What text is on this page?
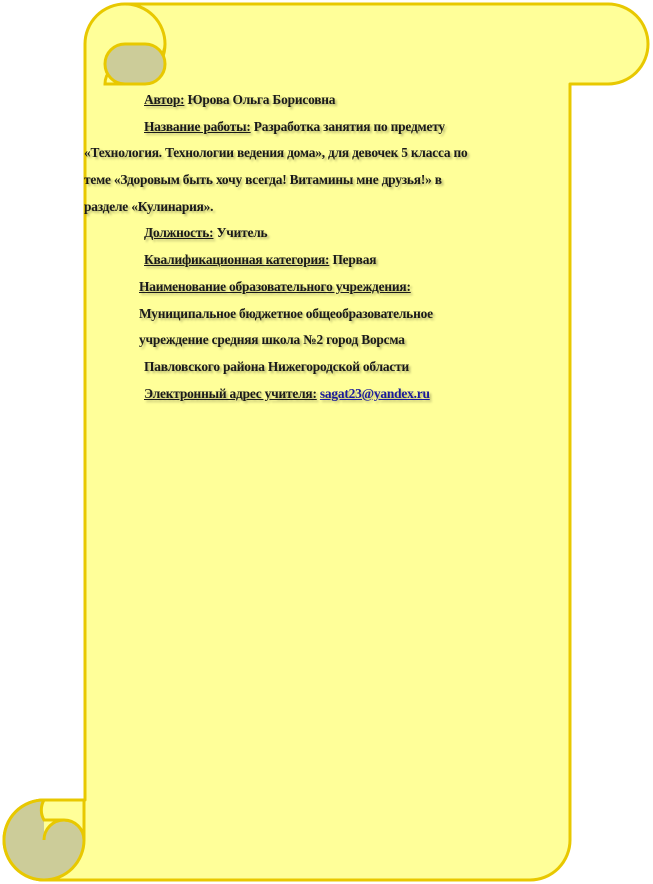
Автор: Юрова Ольга Борисовна
Название работы: Разработка занятия по предмету
«Технология. Технологии ведения дома», для девочек 5 класса по
теме «Здоровым быть хочу всегда! Витамины мне друзья!» в
разделе «Кулинария».
Должность: Учитель
Квалификационная категория: Первая
Наименование образовательного учреждения:
Муниципальное бюджетное общеобразовательное
учреждение средняя школа №2 город Ворсма
Павловского района Нижегородской области
Электронный адрес учителя: sagat23@yandex.ru
